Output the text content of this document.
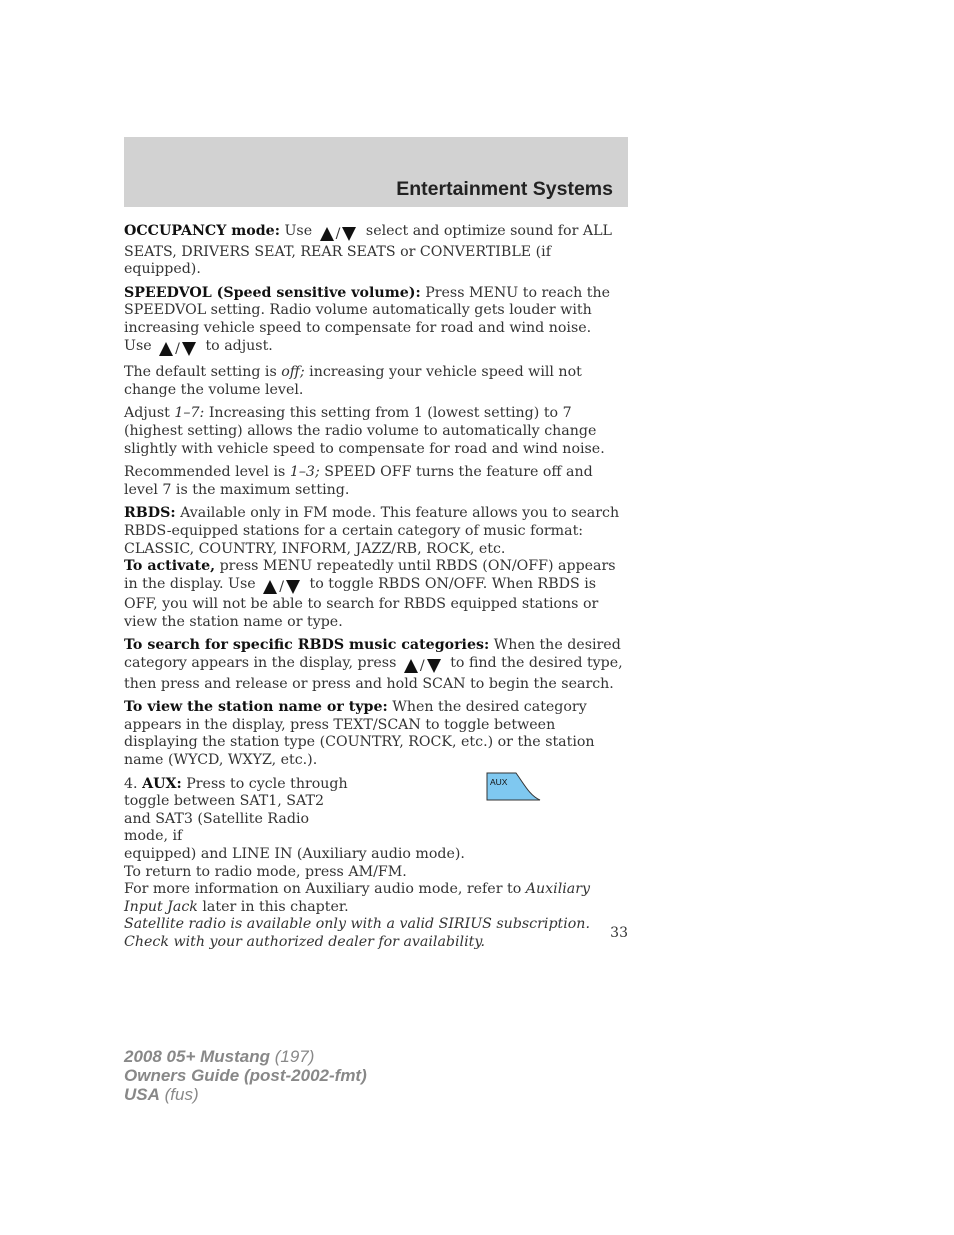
Entertainment Systems

OCCUPANCY mode: Use / select and optimize sound for ALL SEATS, DRIVERS SEAT, REAR SEATS or CONVERTIBLE (if equipped).

SPEEDVOL (Speed sensitive volume): Press MENU to reach the SPEEDVOL setting. Radio volume automatically gets louder with increasing vehicle speed to compensate for road and wind noise.
Use / to adjust.

The default setting is off; increasing your vehicle speed will not change the volume level.

Adjust 1–7: Increasing this setting from 1 (lowest setting) to 7 (highest setting) allows the radio volume to automatically change slightly with vehicle speed to compensate for road and wind noise.

Recommended level is 1–3; SPEED OFF turns the feature off and level 7 is the maximum setting.

RBDS: Available only in FM mode. This feature allows you to search RBDS-equipped stations for a certain category of music format: CLASSIC, COUNTRY, INFORM, JAZZ/RB, ROCK, etc.

To activate, press MENU repeatedly until RBDS (ON/OFF) appears in the display. Use / to toggle RBDS ON/OFF. When RBDS is OFF, you will not be able to search for RBDS equipped stations or view the station name or type.

To search for specific RBDS music categories: When the desired category appears in the display, press / to find the desired type, then press and release or press and hold SCAN to begin the search.

To view the station name or type: When the desired category appears in the display, press TEXT/SCAN to toggle between displaying the station type (COUNTRY, ROCK, etc.) or the station name (WYCD, WXYZ, etc.).

4. AUX: Press to cycle through toggle between SAT1, SAT2 and SAT3 (Satellite Radio mode, if
AUX
equipped) and LINE IN (Auxiliary audio mode).
To return to radio mode, press AM/FM.
For more information on Auxiliary audio mode, refer to Auxiliary Input Jack later in this chapter.
Satellite radio is available only with a valid SIRIUS subscription. Check with your authorized dealer for availability.
33
2008 05+ Mustang (197)
Owners Guide (post-2002-fmt)
USA (fus)
